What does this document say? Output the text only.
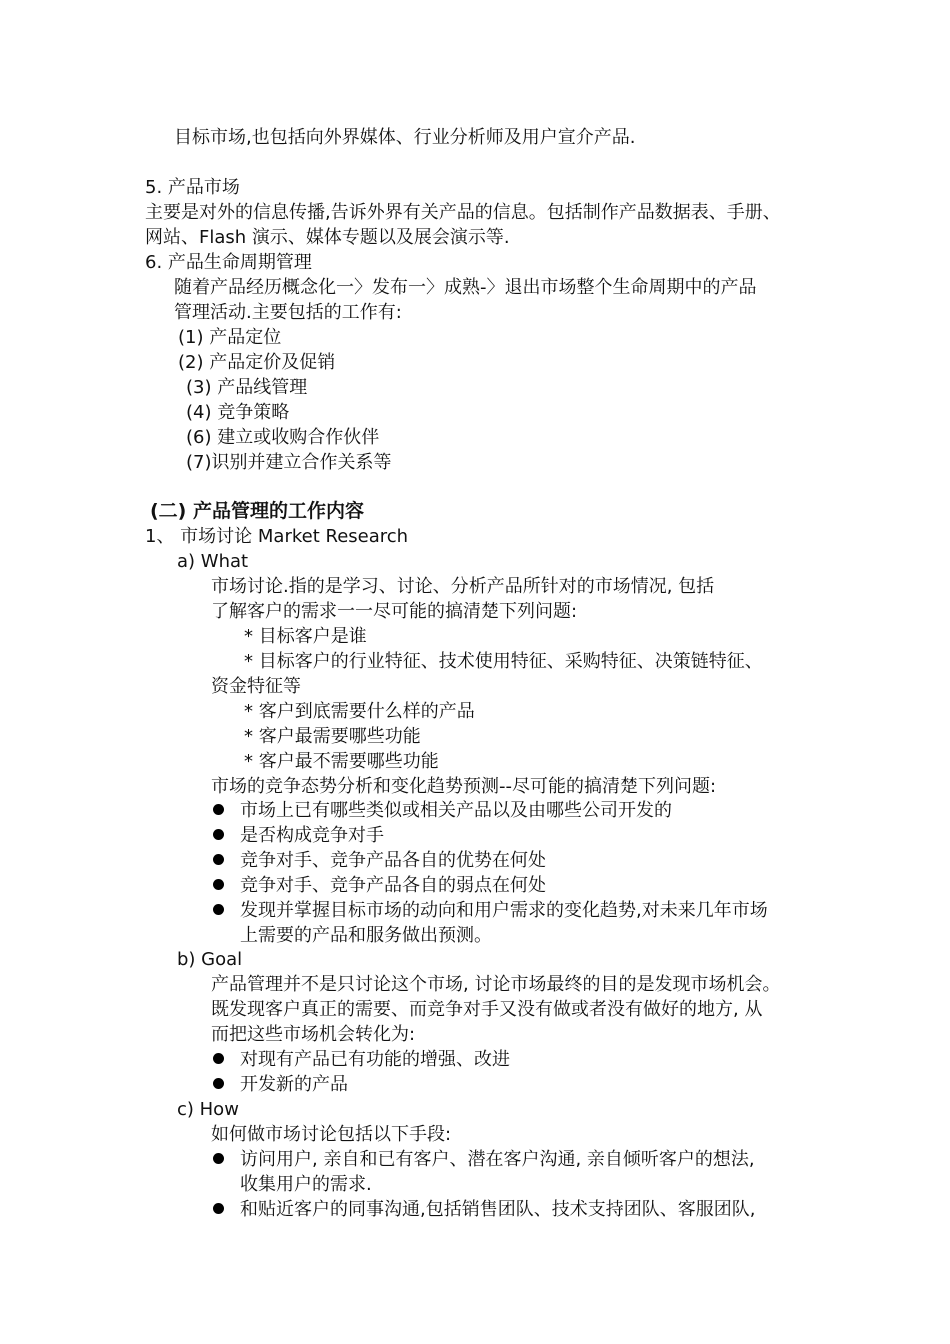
目标市场,也包括向外界媒体、行业分析师及用户宣介产品.
5. 产品市场
主要是对外的信息传播,告诉外界有关产品的信息。包括制作产品数据表、手册、
网站、Flash 演示、媒体专题以及展会演示等.
6. 产品生命周期管理
随着产品经历概念化一〉发布一〉成熟-〉退出市场整个生命周期中的产品
管理活动.主要包括的工作有:
(1) 产品定位
(2) 产品定价及促销
(3) 产品线管理
(4) 竞争策略
(6) 建立或收购合作伙伴
(7)识别并建立合作关系等
(二) 产品管理的工作内容
1、 市场讨论 Market Research
a) What
市场讨论.指的是学习、讨论、分析产品所针对的市场情况, 包括
了解客户的需求一一尽可能的搞清楚下列问题:
* 目标客户是谁
* 目标客户的行业特征、技术使用特征、采购特征、决策链特征、
资金特征等
* 客户到底需要什么样的产品
* 客户最需要哪些功能
* 客户最不需要哪些功能
市场的竞争态势分析和变化趋势预测--尽可能的搞清楚下列问题:
市场上已有哪些类似或相关产品以及由哪些公司开发的
是否构成竞争对手
竞争对手、竞争产品各自的优势在何处
竞争对手、竞争产品各自的弱点在何处
发现并掌握目标市场的动向和用户需求的变化趋势,对未来几年市场
上需要的产品和服务做出预测。
b) Goal
产品管理并不是只讨论这个市场, 讨论市场最终的目的是发现市场机会。
既发现客户真正的需要、而竞争对手又没有做或者没有做好的地方, 从
而把这些市场机会转化为:
对现有产品已有功能的增强、改进
开发新的产品
c) How
如何做市场讨论包括以下手段:
访问用户, 亲自和已有客户、潜在客户沟通, 亲自倾听客户的想法,
收集用户的需求.
和贴近客户的同事沟通,包括销售团队、技术支持团队、客服团队,
